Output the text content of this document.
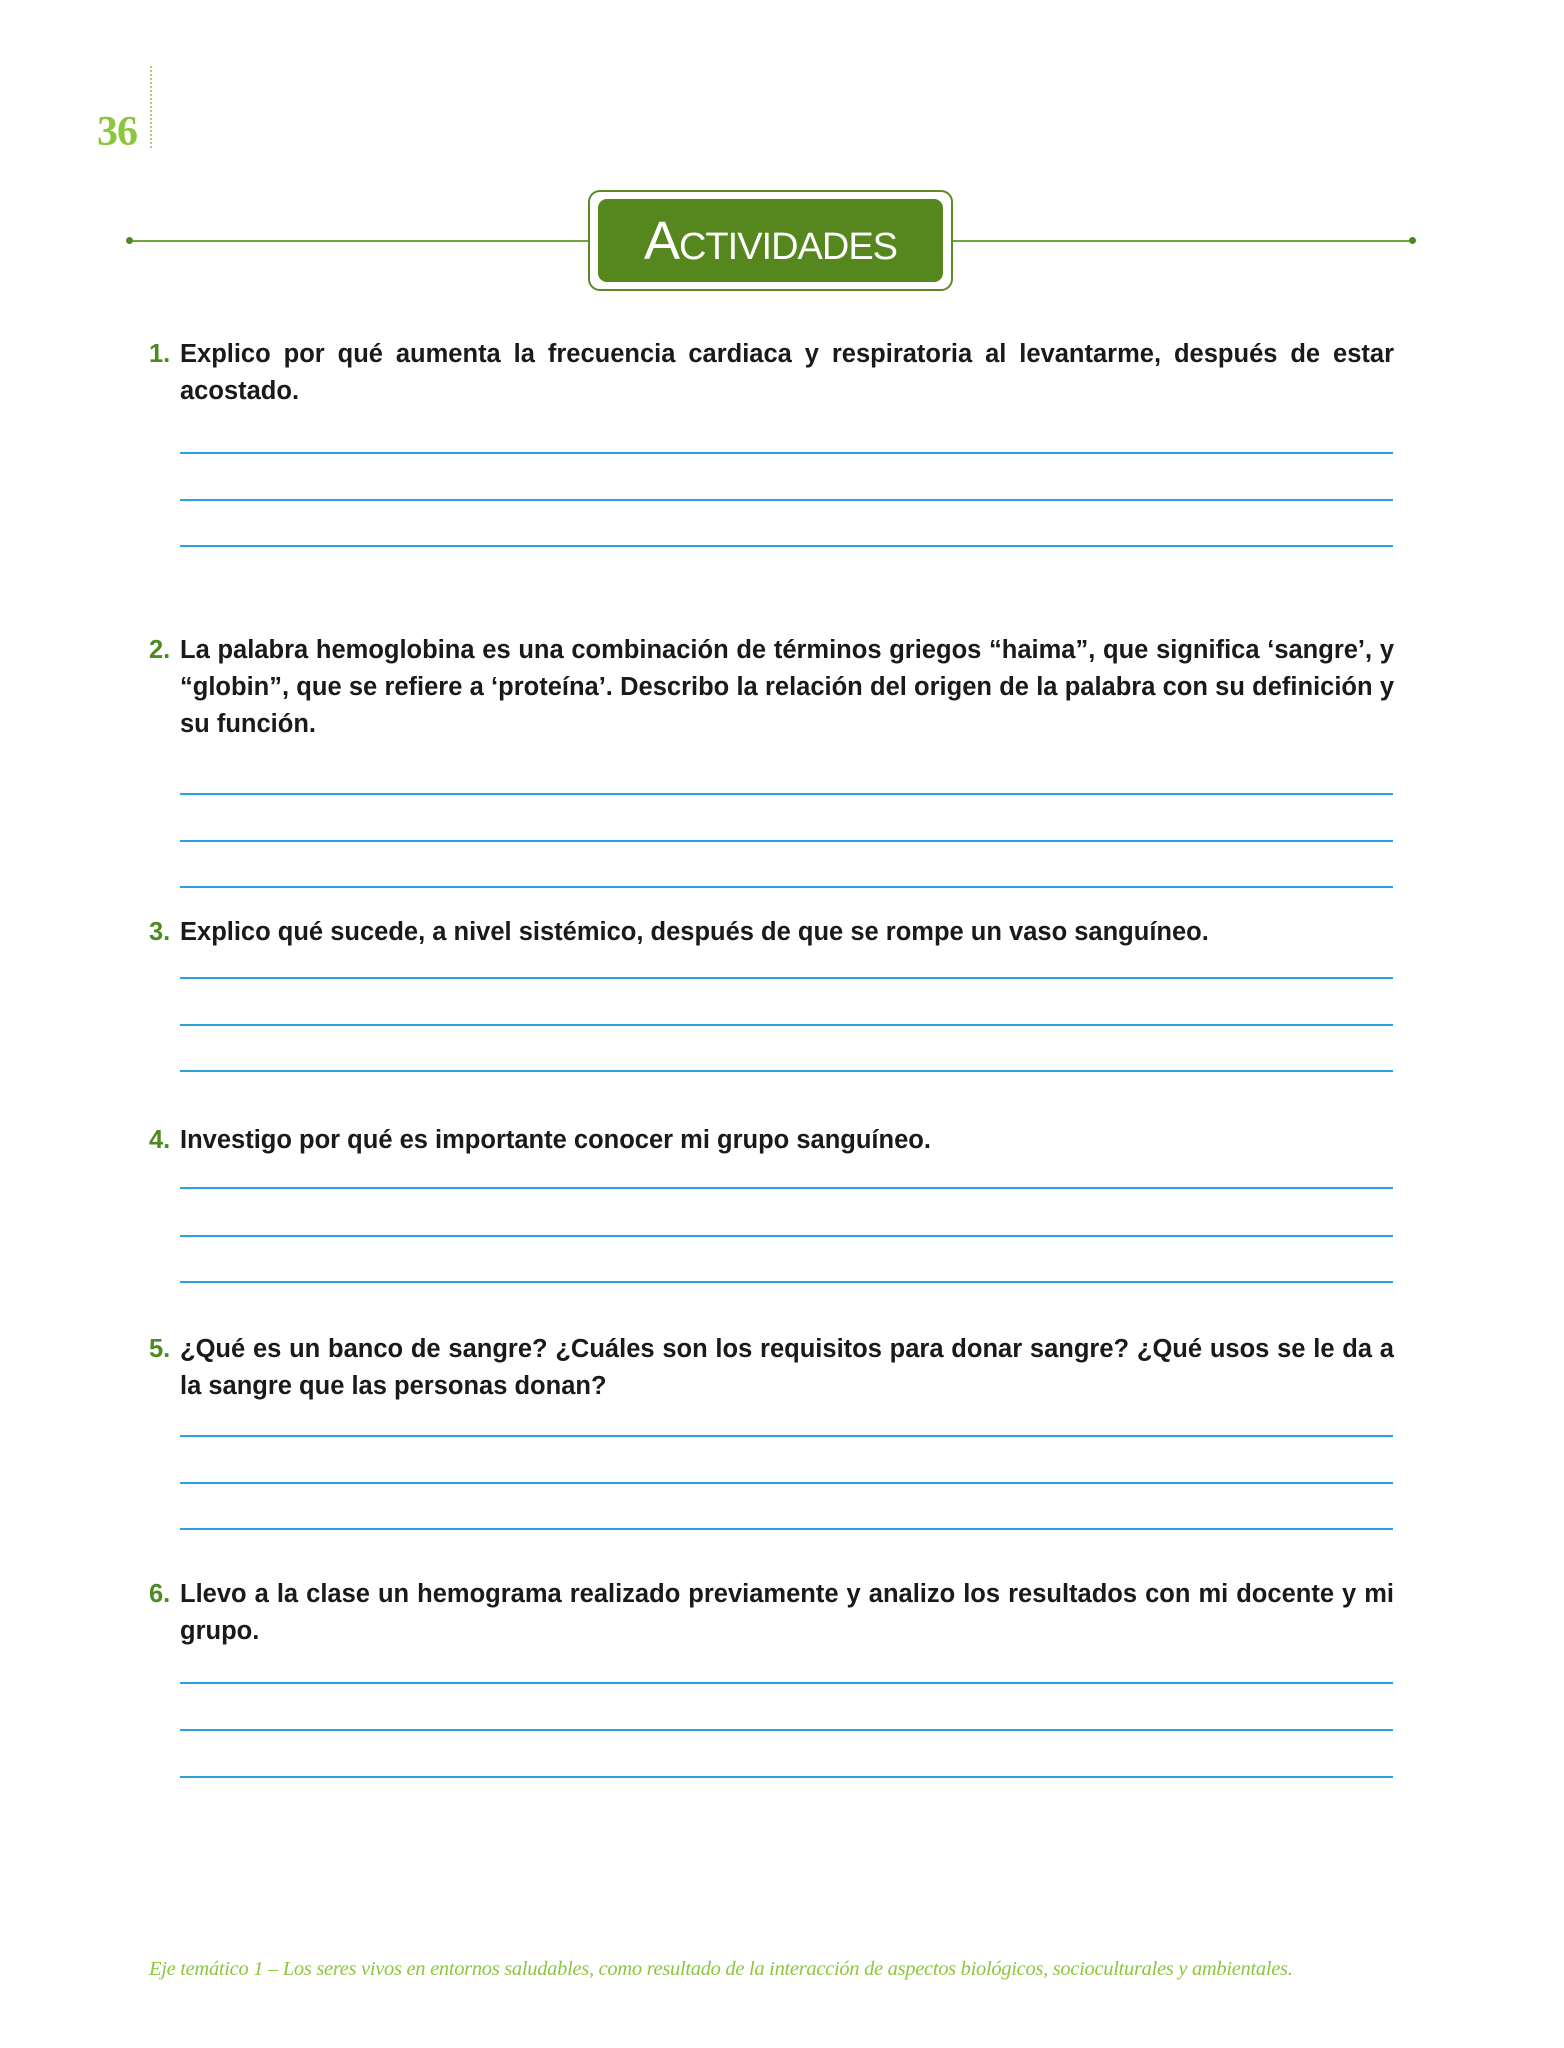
36
Actividades
1. Explico por qué aumenta la frecuencia cardiaca y respiratoria al levantarme, después de estar acostado.
2. La palabra hemoglobina es una combinación de términos griegos “haima”, que significa ‘sangre’, y “globin”, que se refiere a ‘proteína’. Describo la relación del origen de la palabra con su definición y su función.
3. Explico qué sucede, a nivel sistémico, después de que se rompe un vaso sanguíneo.
4. Investigo por qué es importante conocer mi grupo sanguíneo.
5. ¿Qué es un banco de sangre? ¿Cuáles son los requisitos para donar sangre? ¿Qué usos se le da a la sangre que las personas donan?
6. Llevo a la clase un hemograma realizado previamente y analizo los resultados con mi docente y mi grupo.
Eje temático 1 – Los seres vivos en entornos saludables, como resultado de la interacción de aspectos biológicos, socioculturales y ambientales.
